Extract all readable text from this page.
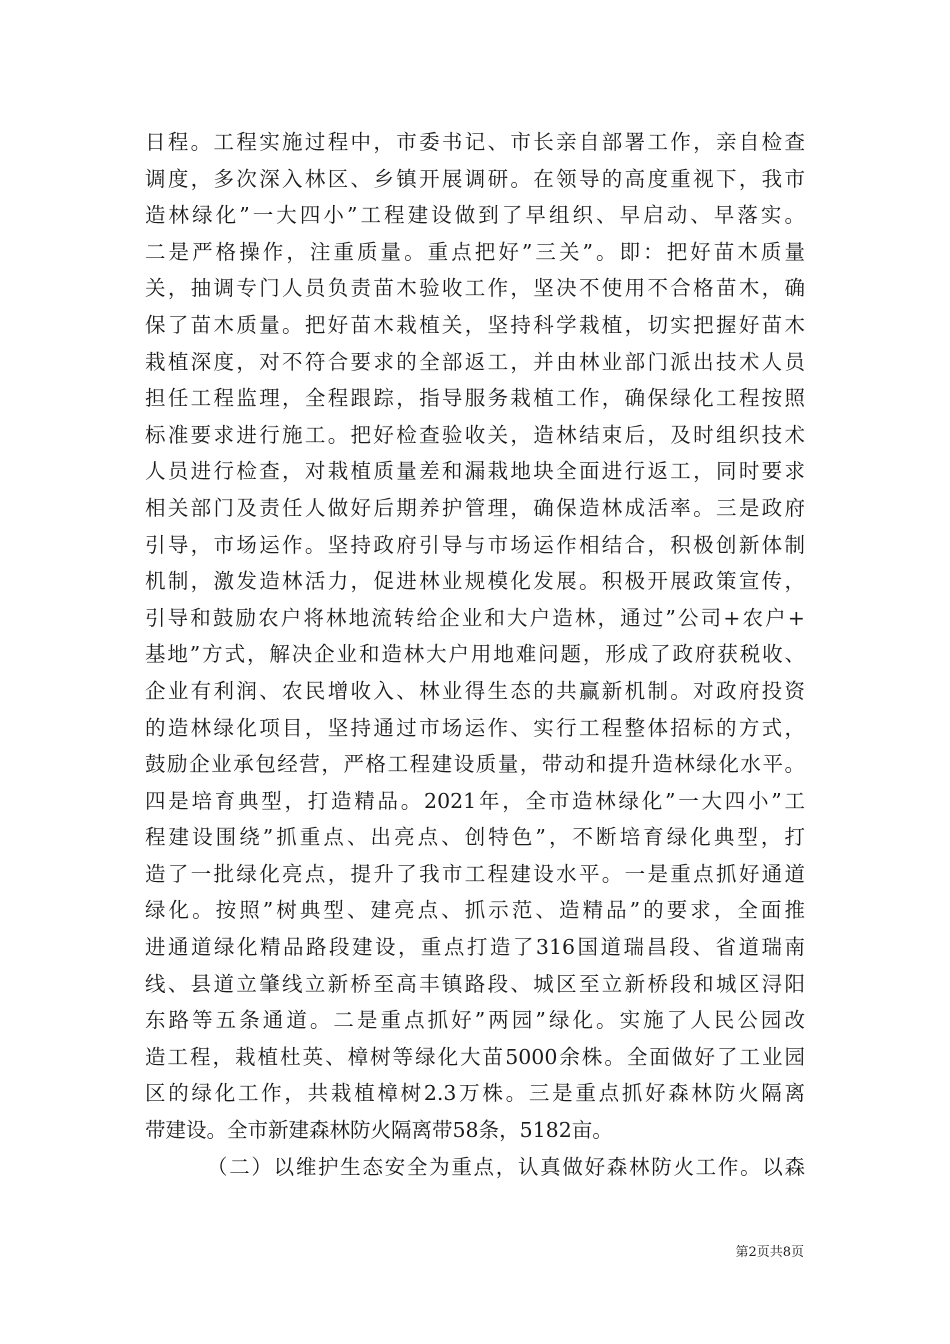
日程。工程实施过程中，市委书记、市长亲自部署工作，亲自检查
调度，多次深入林区、乡镇开展调研。在领导的高度重视下，我市
造林绿化”一大四小”工程建设做到了早组织、早启动、早落实。
二是严格操作，注重质量。重点把好”三关”。即：把好苗木质量
关，抽调专门人员负责苗木验收工作，坚决不使用不合格苗木，确
保了苗木质量。把好苗木栽植关，坚持科学栽植，切实把握好苗木
栽植深度，对不符合要求的全部返工，并由林业部门派出技术人员
担任工程监理，全程跟踪，指导服务栽植工作，确保绿化工程按照
标准要求进行施工。把好检查验收关，造林结束后，及时组织技术
人员进行检查，对栽植质量差和漏栽地块全面进行返工，同时要求
相关部门及责任人做好后期养护管理，确保造林成活率。三是政府
引导，市场运作。坚持政府引导与市场运作相结合，积极创新体制
机制，激发造林活力，促进林业规模化发展。积极开展政策宣传，
引导和鼓励农户将林地流转给企业和大户造林，通过”公司+农户+
基地”方式，解决企业和造林大户用地难问题，形成了政府获税收、
企业有利润、农民增收入、林业得生态的共赢新机制。对政府投资
的造林绿化项目，坚持通过市场运作、实行工程整体招标的方式，
鼓励企业承包经营，严格工程建设质量，带动和提升造林绿化水平。
四是培育典型，打造精品。2021年，全市造林绿化”一大四小”工
程建设围绕”抓重点、出亮点、创特色”，不断培育绿化典型，打
造了一批绿化亮点，提升了我市工程建设水平。一是重点抓好通道
绿化。按照”树典型、建亮点、抓示范、造精品”的要求，全面推
进通道绿化精品路段建设，重点打造了316国道瑞昌段、省道瑞南
线、县道立肇线立新桥至高丰镇路段、城区至立新桥段和城区浔阳
东路等五条通道。二是重点抓好”两园”绿化。实施了人民公园改
造工程，栽植杜英、樟树等绿化大苗5000余株。全面做好了工业园
区的绿化工作，共栽植樟树2.3万株。三是重点抓好森林防火隔离
带建设。全市新建森林防火隔离带58条，5182亩。
（二）以维护生态安全为重点，认真做好森林防火工作。以森
第2页共8页
